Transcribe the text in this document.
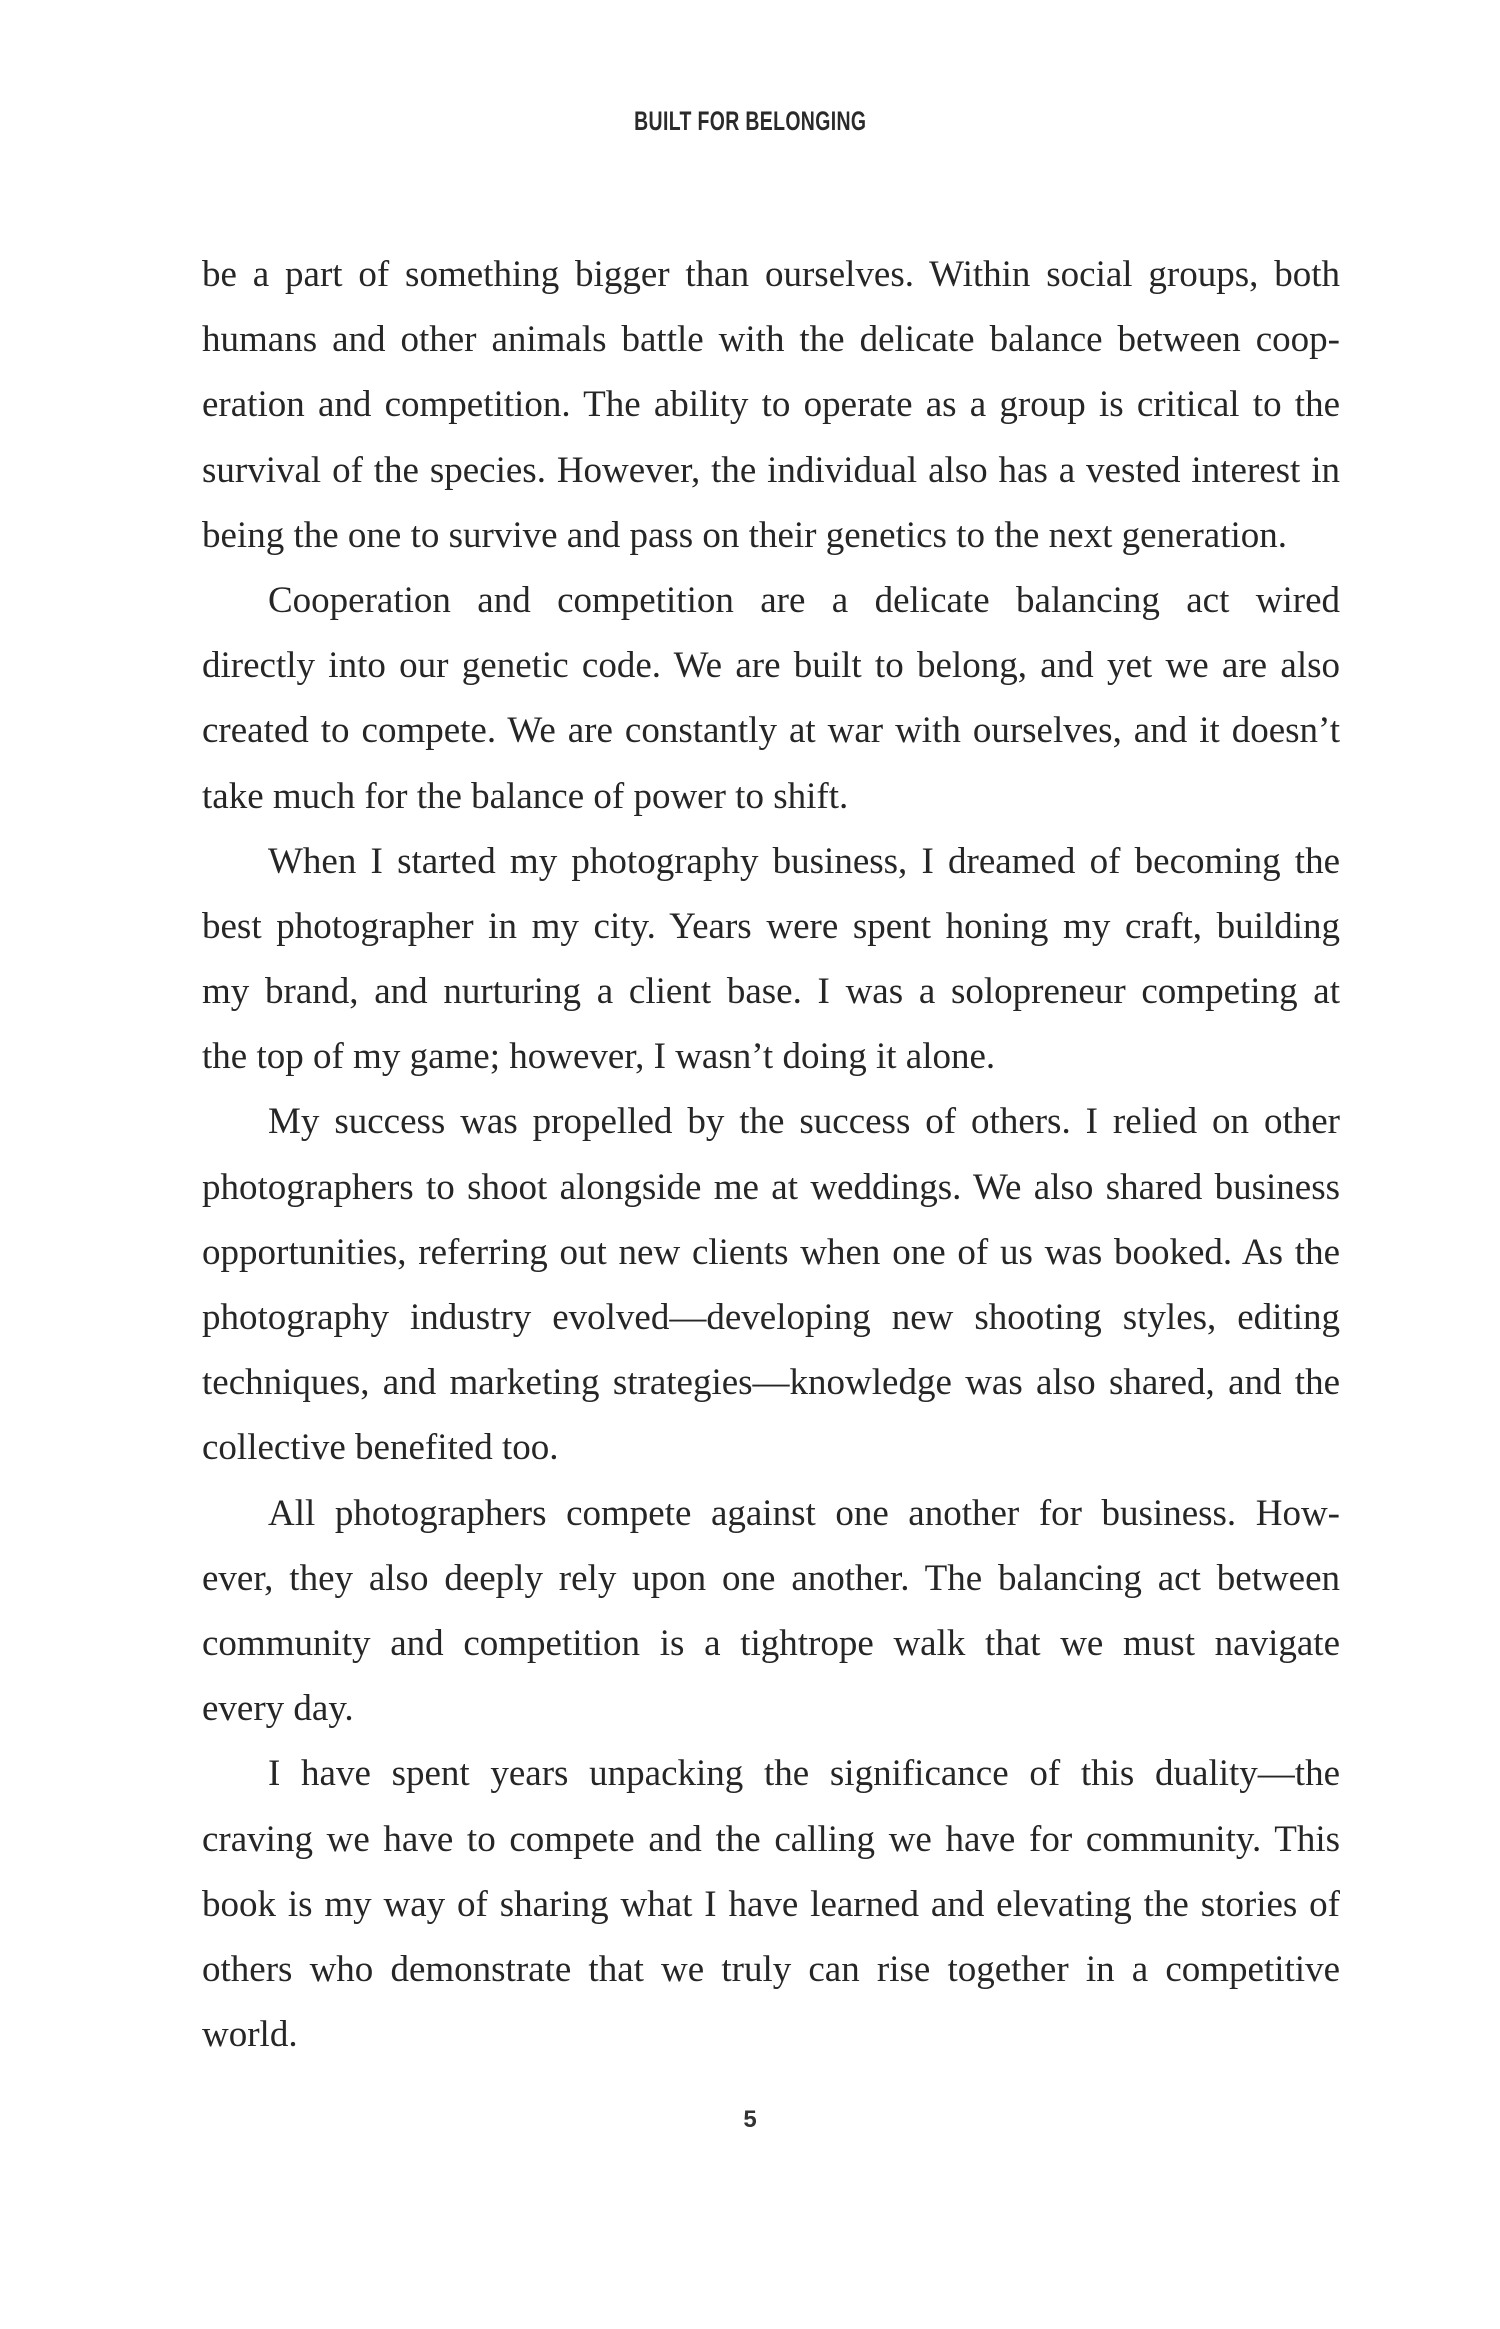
BUILT FOR BELONGING
be a part of something bigger than ourselves. Within social groups, both
humans and other animals battle with the delicate balance between coop-
eration and competition. The ability to operate as a group is critical to the
survival of the species. However, the individual also has a vested interest in
being the one to survive and pass on their genetics to the next generation.
Cooperation and competition are a delicate balancing act wired
directly into our genetic code. We are built to belong, and yet we are also
created to compete. We are constantly at war with ourselves, and it doesn’t
take much for the balance of power to shift.
When I started my photography business, I dreamed of becoming the
best photographer in my city. Years were spent honing my craft, building
my brand, and nurturing a client base. I was a solopreneur competing at
the top of my game; however, I wasn’t doing it alone.
My success was propelled by the success of others. I relied on other
photographers to shoot alongside me at weddings. We also shared business
opportunities, referring out new clients when one of us was booked. As the
photography industry evolved—developing new shooting styles, editing
techniques, and marketing strategies—knowledge was also shared, and the
collective benefited too.
All photographers compete against one another for business. How-
ever, they also deeply rely upon one another. The balancing act between
community and competition is a tightrope walk that we must navigate
every day.
I have spent years unpacking the significance of this duality—the
craving we have to compete and the calling we have for community. This
book is my way of sharing what I have learned and elevating the stories of
others who demonstrate that we truly can rise together in a competitive
world.
5
